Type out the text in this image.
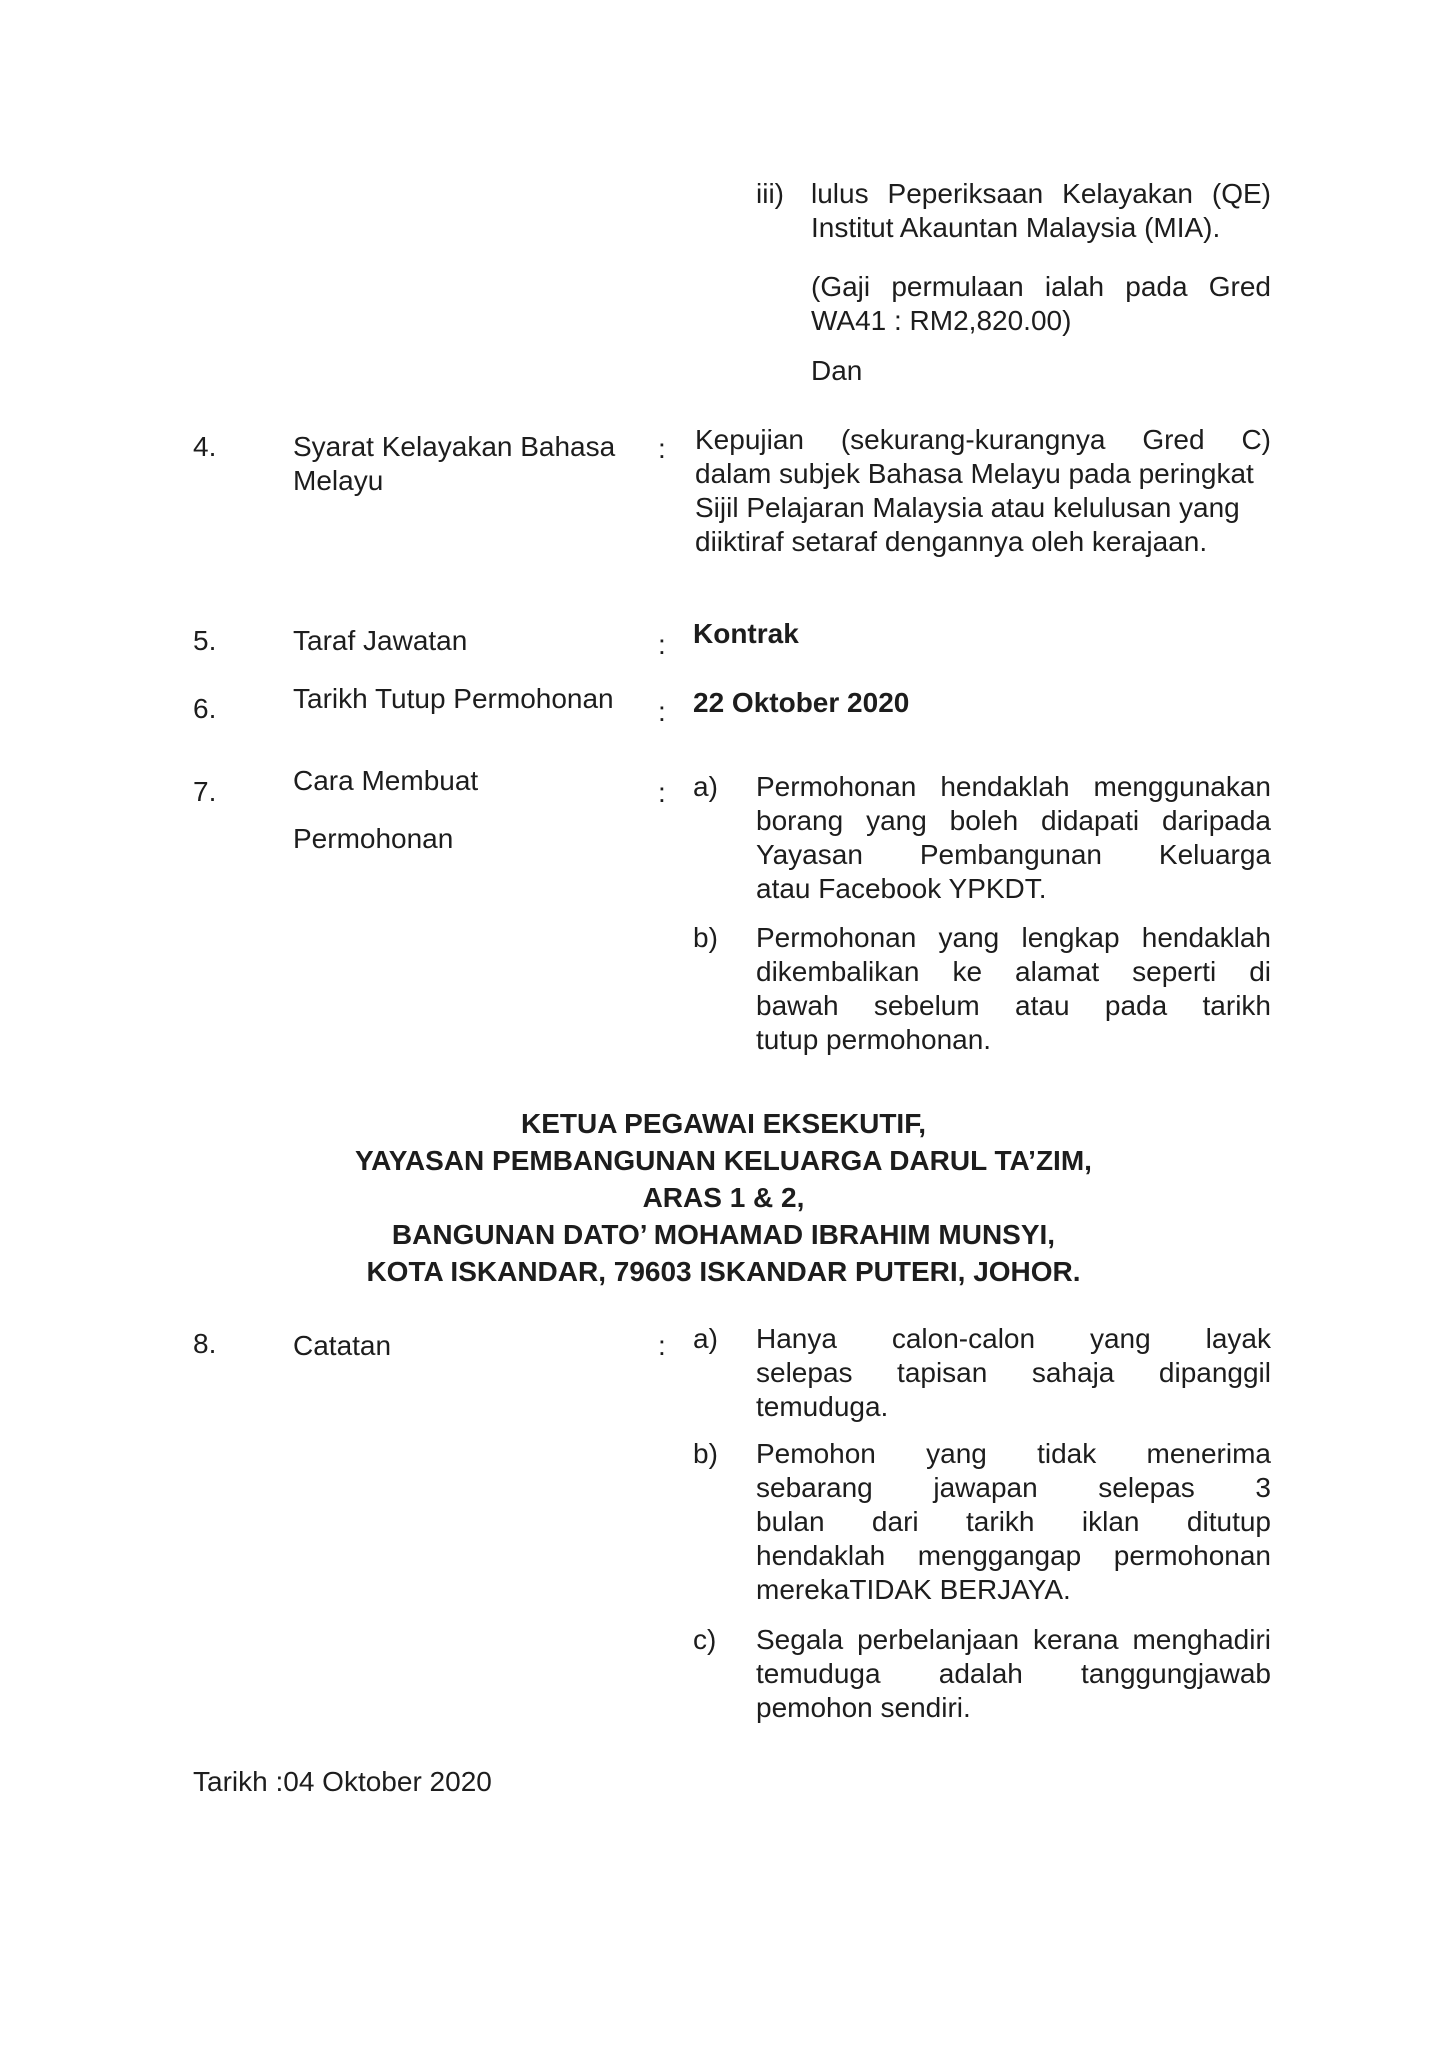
iii) lulus Peperiksaan Kelayakan (QE)
Institut Akauntan Malaysia (MIA).
(Gaji permulaan ialah pada Gred
WA41 : RM2,820.00)
Dan
4.	Syarat Kelayakan Bahasa
Melayu
: Kepujian (sekurang-kurangnya Gred C)
dalam subjek Bahasa Melayu pada peringkat
Sijil Pelajaran Malaysia atau kelulusan yang
diiktiraf setaraf dengannya oleh kerajaan.
5.	Taraf Jawatan	: Kontrak
6.	Tarikh Tutup Permohonan : 22 Oktober 2020
7.	Cara Membuat
Permohonan
: a) Permohonan hendaklah menggunakan
borang yang boleh didapati daripada
Yayasan Pembangunan Keluarga
atau Facebook YPKDT.
b) Permohonan yang lengkap hendaklah
dikembalikan ke alamat seperti di
bawah sebelum atau pada tarikh
tutup permohonan.
KETUA PEGAWAI EKSEKUTIF,
YAYASAN PEMBANGUNAN KELUARGA DARUL TA’ZIM,
ARAS 1 & 2,
BANGUNAN DATO’ MOHAMAD IBRAHIM MUNSYI,
KOTA ISKANDAR, 79603 ISKANDAR PUTERI, JOHOR.
8.	Catatan	: a) Hanya calon-calon yang layak
selepas tapisan sahaja dipanggil
temuduga.
b) Pemohon yang tidak menerima
sebarang jawapan selepas 3
bulan dari tarikh iklan ditutup
hendaklah menggangap permohonan
merekaTIDAK BERJAYA.
c) Segala perbelanjaan kerana menghadiri
temuduga adalah tanggungjawab
pemohon sendiri.
Tarikh :04 Oktober 2020
